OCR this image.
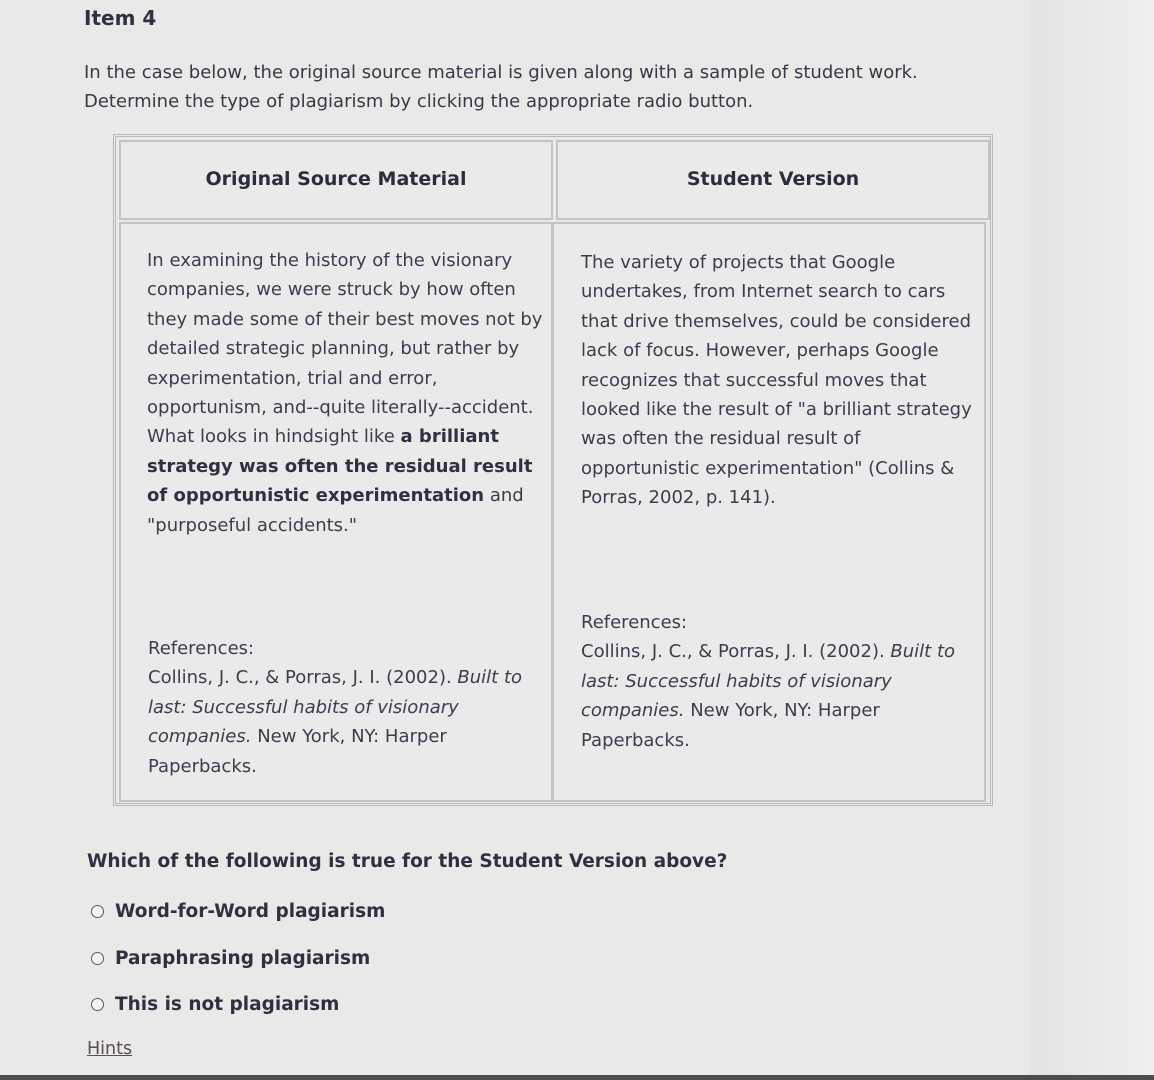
Item 4
In the case below, the original source material is given along with a sample of student work.
Determine the type of plagiarism by clicking the appropriate radio button.
Original Source Material	Student Version
In examining the history of the visionary companies, we were struck by how often they made some of their best moves not by detailed strategic planning, but rather by experimentation, trial and error, opportunism, and--quite literally--accident. What looks in hindsight like a brilliant strategy was often the residual result of opportunistic experimentation and "purposeful accidents."
References:
Collins, J. C., & Porras, J. I. (2002). Built to last: Successful habits of visionary companies. New York, NY: Harper Paperbacks.
The variety of projects that Google undertakes, from Internet search to cars that drive themselves, could be considered lack of focus. However, perhaps Google recognizes that successful moves that looked like the result of "a brilliant strategy was often the residual result of opportunistic experimentation" (Collins & Porras, 2002, p. 141).
References:
Collins, J. C., & Porras, J. I. (2002). Built to last: Successful habits of visionary companies. New York, NY: Harper Paperbacks.
Which of the following is true for the Student Version above?
Word-for-Word plagiarism
Paraphrasing plagiarism
This is not plagiarism
Hints
